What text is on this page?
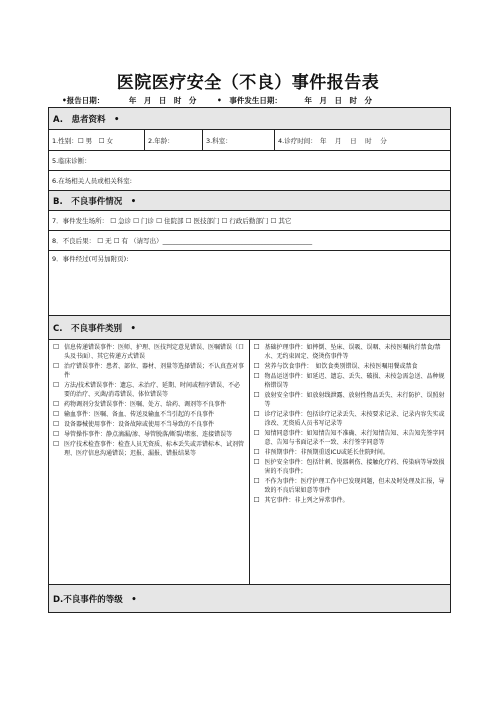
医院医疗安全（不良）事件报告表
•报告日期：	年　月　日　时　分	•　事件发生日期：	年　月　日　时　分
A.　患者资料　•
1.性别：☐ 男　☐ 女	2.年龄：	3.科室：	4.诊疗时间：　年　 月　 日　 时　 分
5.临床诊断：
6.在场相关人员或相关科室:
B.　不良事件情况　•
7．事件发生场所： ☐ 急诊 ☐ 门诊 ☐ 住院部 ☐ 医技部门 ☐ 行政后勤部门 ☐ 其它
8．不良后果： ☐ 无 ☐ 有 （请写出）______________________________________________
9．事件经过(可另加附页):
C.　不良事件类别　•
☐ 信息传递错误事件：医师、护理、医技判定意见错误、医嘱错误（口头及书面）、其它传递方式错误
☐ 治疗错误事件：患者、部位、器材、剂量等选择错误；不认真查对事件
☐ 方法/技术错误事件：遗忘、未治疗、延期、时间或程序错误、不必要的治疗、灭菌/消毒错误、体位错误等
☐ 药物调剂分发错误事件：医嘱、处方、给药、调剂等不良事件
☐ 输血事件：医嘱、备血、传送及输血不当引起的不良事件
☐ 设备器械使用事件：设备故障或使用不当导致的不良事件
☐ 导管操作事件：静点滴漏/渗、导管脱落/断裂/堵塞、连接错误等
☐ 医疗技术检查事件：检查人员无资质、标本丢失或弄错标本、试剂管理、医疗信息沟通错误；迟报、漏报、错报结果等
☐ 基础护理事件：如摔倒、坠床、误吸、误咽、未按医嘱执行禁食/禁水、无约束固定、烧烫伤事件等
☐ 营养与饮食事件：　如饮食类别错误、未按医嘱用餐或禁食
☐ 物品运送事件：如延迟、遗忘、丢失、破损、未按急需急送、品种规格错误等
☐ 放射安全事件：如放射线泄露、放射性物品丢失、未行防护、误照射等
☐ 诊疗记录事件：包括诊疗记录丢失、未按要求记录、记录内容失实或涂改、无资质人员书写记录等
☐ 知情同意事件：如知情告知不准确、未行知情告知、未告知先签字同意、告知与书面记录不一致、未行签字同意等
☐ 非预期事件：非预期重返ICU或延长住院时间。
☐ 医护安全事件：包括针刺、锐器刺伤、接触化疗药、传染病等导致损害的不良事件；
☐ 不作为事件：医疗护理工作中已发现问题，但未及时处理及汇报，导致的不良后果如意等事件
☐ 其它事件：非上列之异常事件。
D.不良事件的等级　•
